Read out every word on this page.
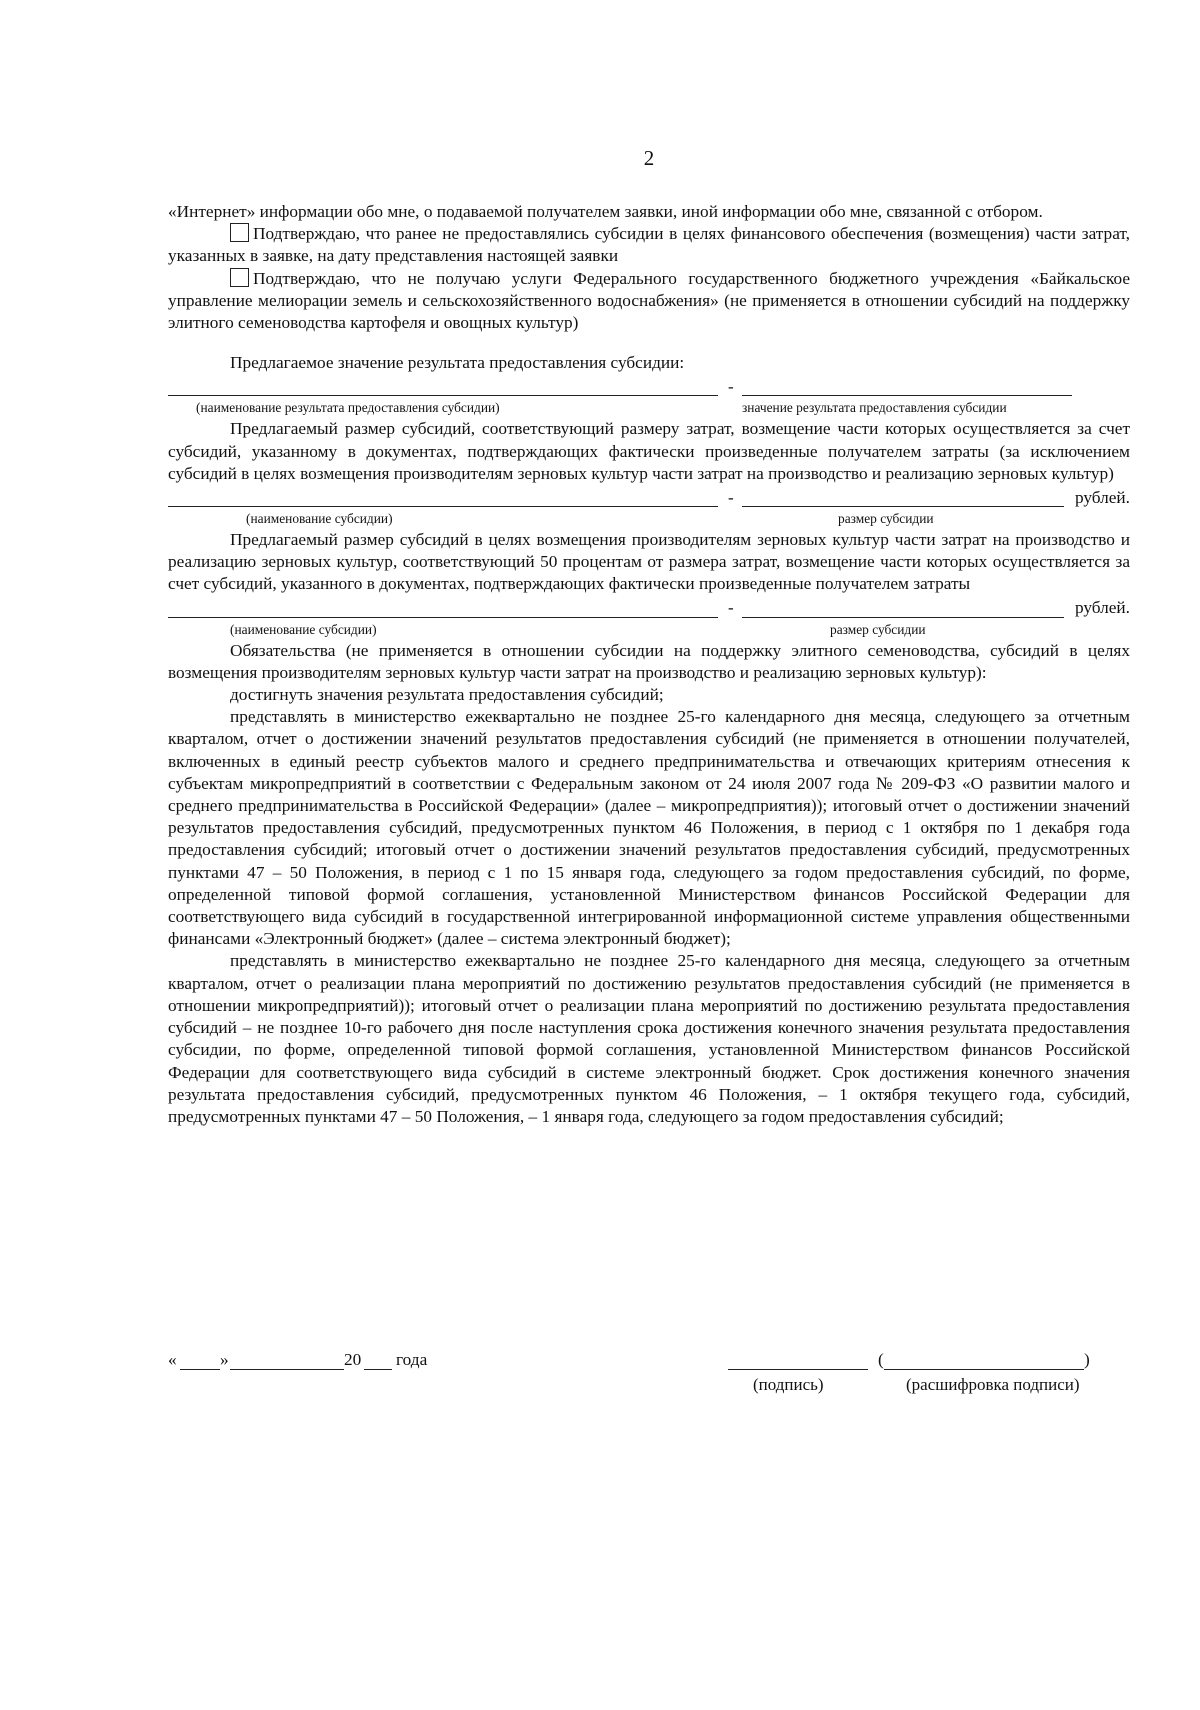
2

«Интернет» информации обо мне, о подаваемой получателем заявки, иной информации обо мне, связанной с отбором.

Подтверждаю, что ранее не предоставлялись субсидии в целях финансового обеспечения (возмещения) части затрат, указанных в заявке, на дату представления настоящей заявки

Подтверждаю, что не получаю услуги Федерального государственного бюджетного учреждения «Байкальское управление мелиорации земель и сельскохозяйственного водоснабжения» (не применяется в отношении субсидий на поддержку элитного семеноводства картофеля и овощных культур)

Предлагаемое значение результата предоставления субсидии:

-
(наименование результата предоставления субсидии)	значение результата предоставления субсидии

Предлагаемый размер субсидий, соответствующий размеру затрат, возмещение части которых осуществляется за счет субсидий, указанному в документах, подтверждающих фактически произведенные получателем затраты (за исключением субсидий в целях возмещения производителям зерновых культур части затрат на производство и реализацию зерновых культур)

-	рублей.
(наименование субсидии)	размер субсидии

Предлагаемый размер субсидий в целях возмещения производителям зерновых культур части затрат на производство и реализацию зерновых культур, соответствующий 50 процентам от размера затрат, возмещение части которых осуществляется за счет субсидий, указанного в документах, подтверждающих фактически произведенные получателем затраты

-	рублей.
(наименование субсидии)	размер субсидии

Обязательства (не применяется в отношении субсидии на поддержку элитного семеноводства, субсидий в целях возмещения производителям зерновых культур части затрат на производство и реализацию зерновых культур):

достигнуть значения результата предоставления субсидий;

представлять в министерство ежеквартально не позднее 25-го календарного дня месяца, следующего за отчетным кварталом, отчет о достижении значений результатов предоставления субсидий (не применяется в отношении получателей, включенных в единый реестр субъектов малого и среднего предпринимательства и отвечающих критериям отнесения к субъектам микропредприятий в соответствии с Федеральным законом от 24 июля 2007 года № 209-ФЗ «О развитии малого и среднего предпринимательства в Российской Федерации» (далее – микропредприятия)); итоговый отчет о достижении значений результатов предоставления субсидий, предусмотренных пунктом 46 Положения, в период с 1 октября по 1 декабря года предоставления субсидий; итоговый отчет о достижении значений результатов предоставления субсидий, предусмотренных пунктами 47 – 50 Положения, в период с 1 по 15 января года, следующего за годом предоставления субсидий, по форме, определенной типовой формой соглашения, установленной Министерством финансов Российской Федерации для соответствующего вида субсидий в государственной интегрированной информационной системе управления общественными финансами «Электронный бюджет» (далее – система электронный бюджет);

представлять в министерство ежеквартально не позднее 25-го календарного дня месяца, следующего за отчетным кварталом, отчет о реализации плана мероприятий по достижению результатов предоставления субсидий (не применяется в отношении микропредприятий)); итоговый отчет о реализации плана мероприятий по достижению результата предоставления субсидий – не позднее 10-го рабочего дня после наступления срока достижения конечного значения результата предоставления субсидии, по форме, определенной типовой формой соглашения, установленной Министерством финансов Российской Федерации для соответствующего вида субсидий в системе электронный бюджет. Срок достижения конечного значения результата предоставления субсидий, предусмотренных пунктом 46 Положения, – 1 октября текущего года, субсидий, предусмотренных пунктами 47 – 50 Положения, – 1 января года, следующего за годом предоставления субсидий;

«	»	20 года	(	)
(подпись)	(расшифровка подписи)
